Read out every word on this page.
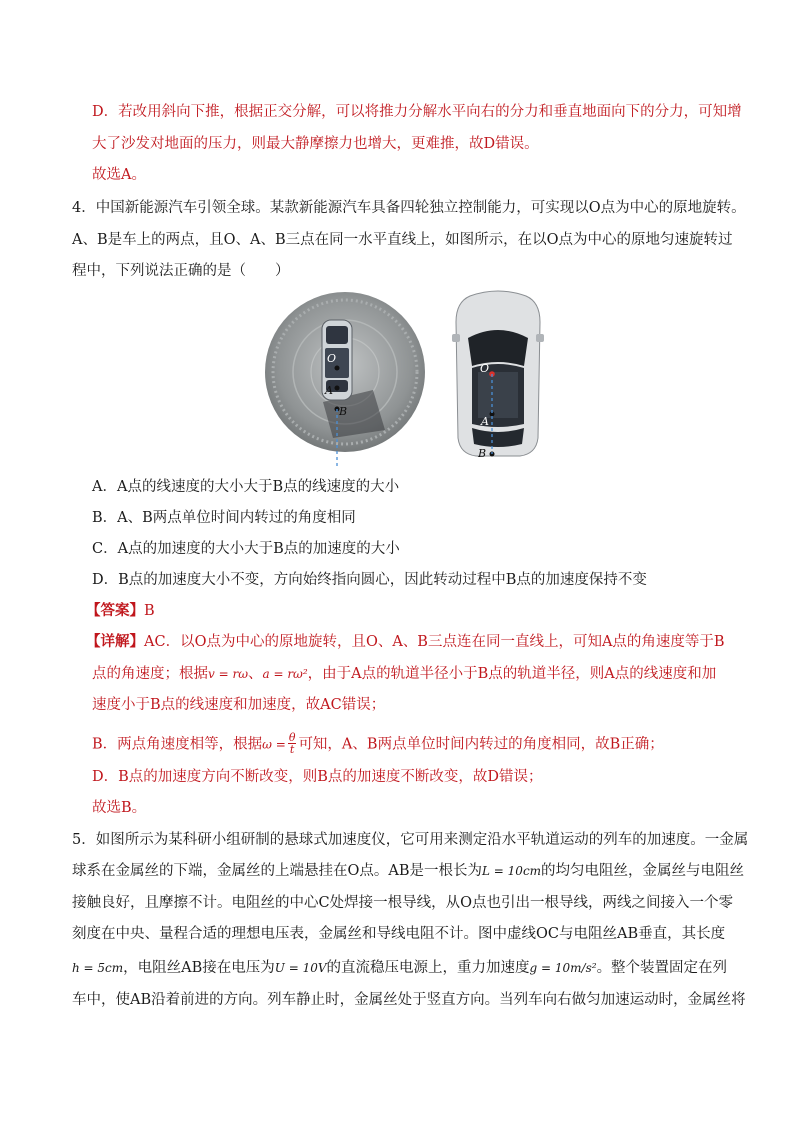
D．若改用斜向下推，根据正交分解，可以将推力分解水平向右的分力和垂直地面向下的分力，可知增
大了沙发对地面的压力，则最大静摩擦力也增大，更难推，故D错误。
故选A。
4．中国新能源汽车引领全球。某款新能源汽车具备四轮独立控制能力，可实现以O点为中心的原地旋转。
A、B是车上的两点，且O、A、B三点在同一水平直线上，如图所示，在以O点为中心的原地匀速旋转过
程中，下列说法正确的是（　　）
O
A
B
O
A
B
A．A点的线速度的大小大于B点的线速度的大小
B．A、B两点单位时间内转过的角度相同
C．A点的加速度的大小大于B点的加速度的大小
D．B点的加速度大小不变，方向始终指向圆心，因此转动过程中B点的加速度保持不变
【答案】B
【详解】AC．以O点为中心的原地旋转，且O、A、B三点连在同一直线上，可知A点的角速度等于B
点的角速度；根据v = rω、a = rω²，由于A点的轨道半径小于B点的轨道半径，则A点的线速度和加
速度小于B点的线速度和加速度，故AC错误；
B．两点角速度相等，根据$\omega = \frac{\theta}{t}$ 可知，A、B两点单位时间内转过的角度相同，故B正确；
D．B点的加速度方向不断改变，则B点的加速度不断改变，故D错误；
故选B。
5．如图所示为某科研小组研制的悬球式加速度仪，它可用来测定沿水平轨道运动的列车的加速度。一金属
球系在金属丝的下端，金属丝的上端悬挂在O点。AB是一根长为L = 10cm的均匀电阻丝，金属丝与电阻丝
接触良好，且摩擦不计。电阻丝的中心C处焊接一根导线，从O点也引出一根导线，两线之间接入一个零
刻度在中央、量程合适的理想电压表，金属丝和导线电阻不计。图中虚线OC与电阻丝AB垂直，其长度
h = 5cm，电阻丝AB接在电压为U = 10V的直流稳压电源上，重力加速度g = 10m/s²。整个装置固定在列
车中，使AB沿着前进的方向。列车静止时，金属丝处于竖直方向。当列车向右做匀加速运动时，金属丝将
